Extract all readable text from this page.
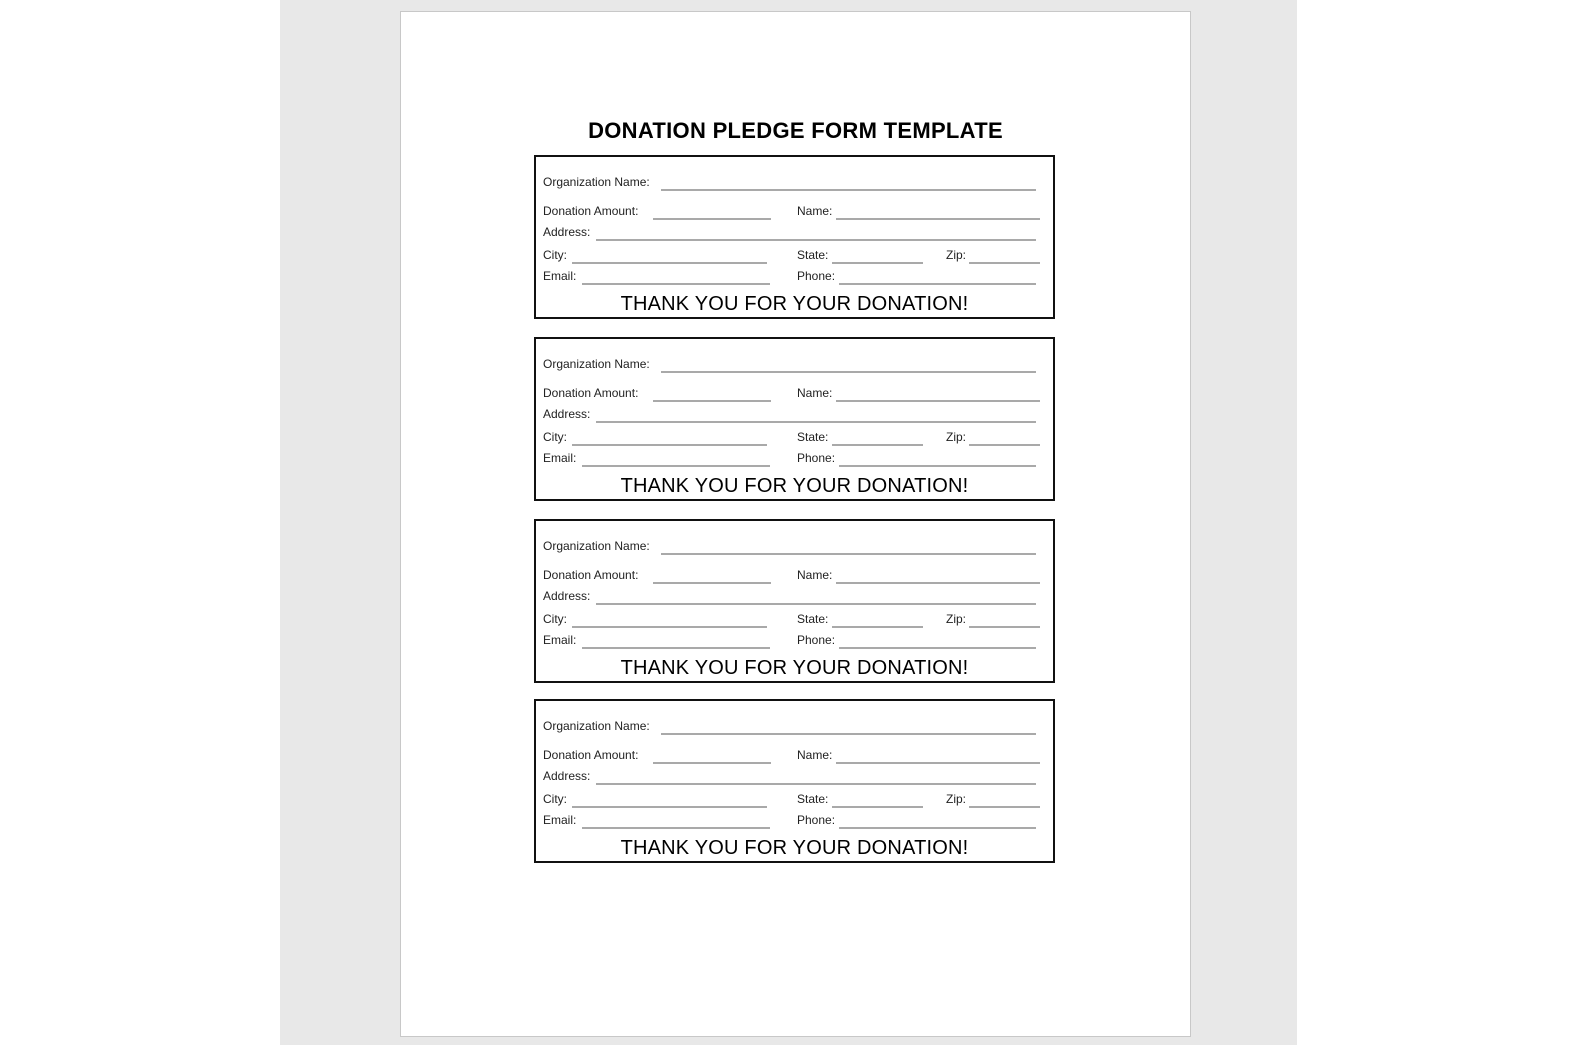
DONATION PLEDGE FORM TEMPLATE
Organization Name:
Donation Amount:	Name:
Address:
City:	State:	Zip:
Email:	Phone:
THANK YOU FOR YOUR DONATION!
Organization Name:
Donation Amount:	Name:
Address:
City:	State:	Zip:
Email:	Phone:
THANK YOU FOR YOUR DONATION!
Organization Name:
Donation Amount:	Name:
Address:
City:	State:	Zip:
Email:	Phone:
THANK YOU FOR YOUR DONATION!
Organization Name:
Donation Amount:	Name:
Address:
City:	State:	Zip:
Email:	Phone:
THANK YOU FOR YOUR DONATION!
